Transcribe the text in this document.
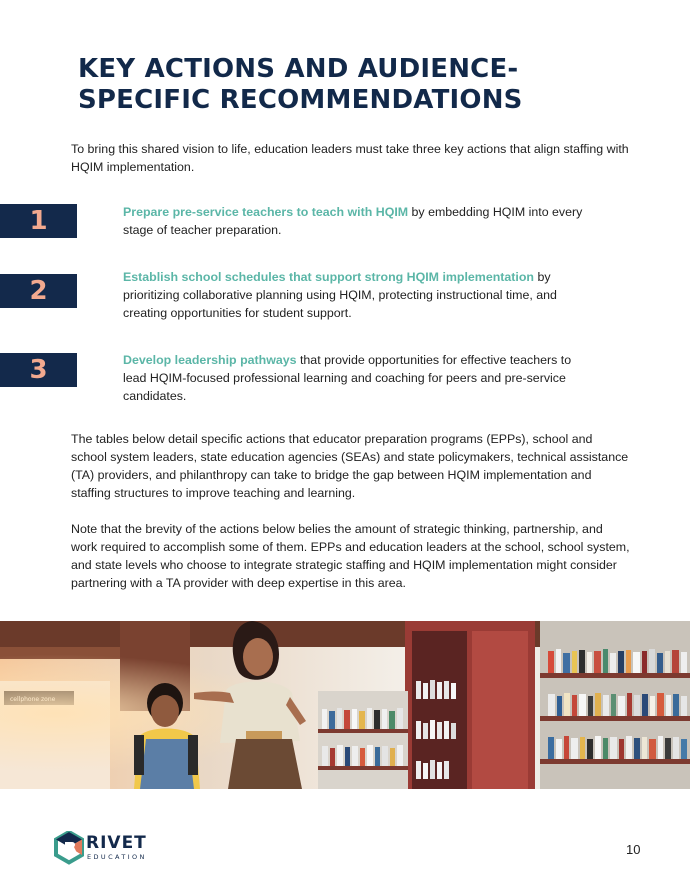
KEY ACTIONS AND AUDIENCE-
SPECIFIC RECOMMENDATIONS

To bring this shared vision to life, education leaders must take three key actions that align staffing with HQIM implementation.

1	Prepare pre-service teachers to teach with HQIM by embedding HQIM into every stage of teacher preparation.

2	Establish school schedules that support strong HQIM implementation by prioritizing collaborative planning using HQIM, protecting instructional time, and creating opportunities for student support.

3	Develop leadership pathways that provide opportunities for effective teachers to lead HQIM-focused professional learning and coaching for peers and pre-service candidates.

The tables below detail specific actions that educator preparation programs (EPPs), school and school system leaders, state education agencies (SEAs) and state policymakers, technical assistance (TA) providers, and philanthropy can take to bridge the gap between HQIM implementation and staffing structures to improve teaching and learning.

Note that the brevity of the actions below belies the amount of strategic thinking, partnership, and work required to accomplish some of them. EPPs and education leaders at the school, school system, and state levels who choose to integrate strategic staffing and HQIM implementation might consider partnering with a TA provider with deep expertise in this area.

RIVET
EDUCATION	10
